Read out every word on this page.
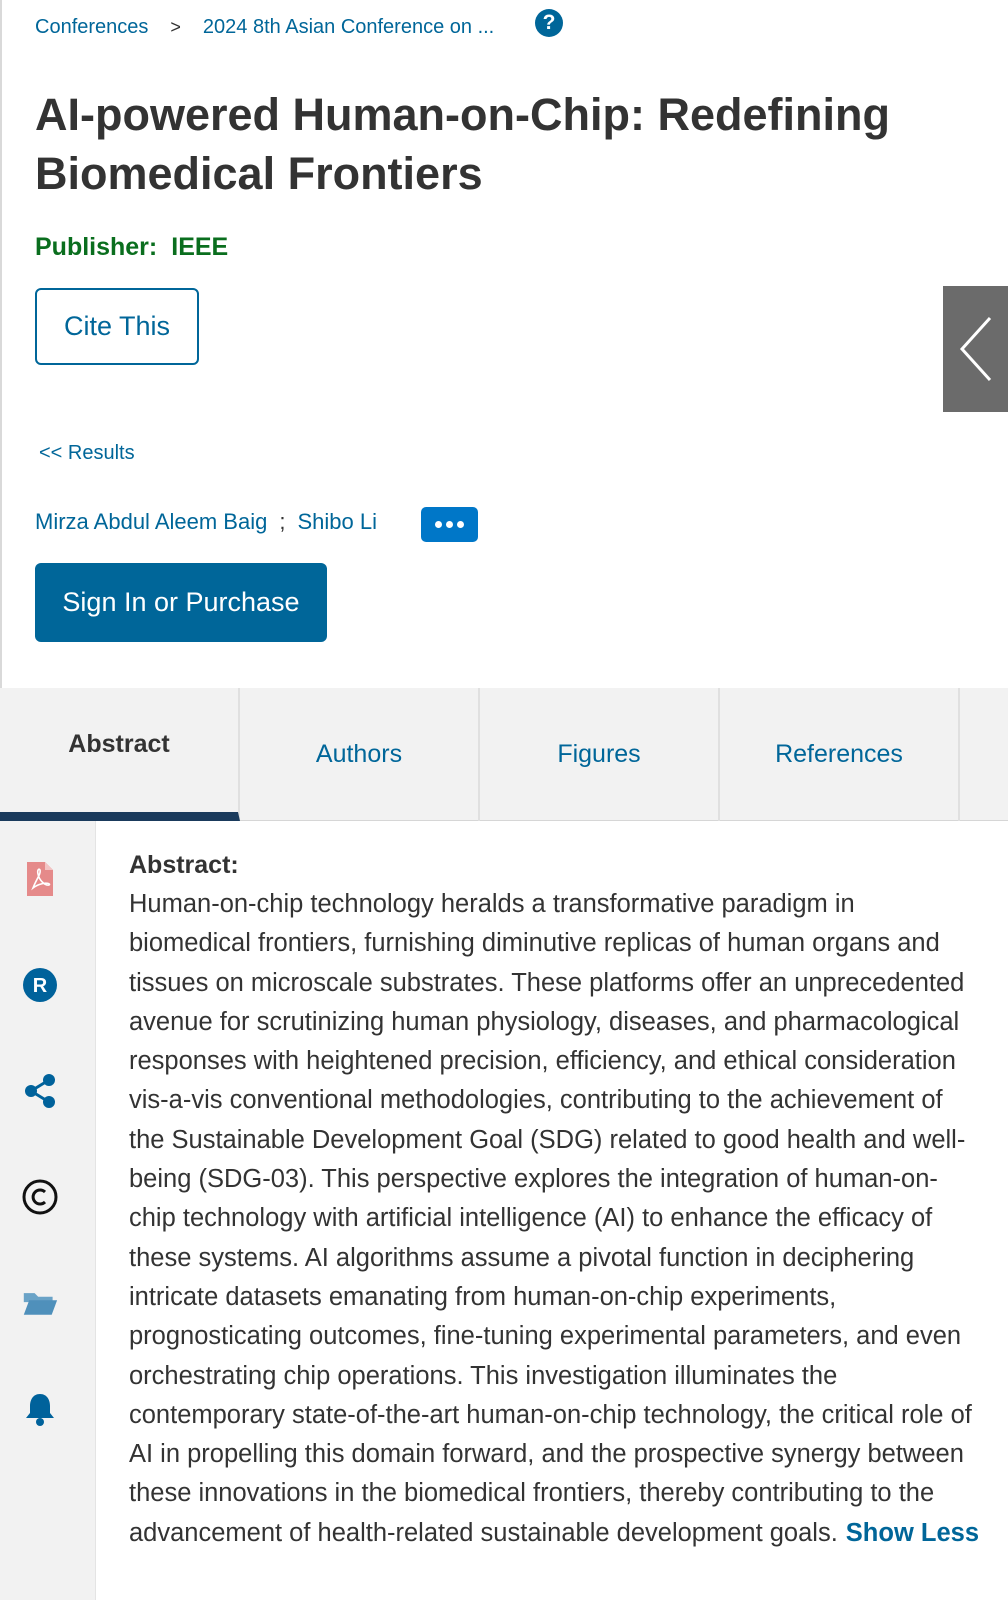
Conferences > 2024 8th Asian Conference on ...	?
AI-powered Human-on-Chip: Redefining Biomedical Frontiers
Publisher: IEEE
Cite This
<< Results
Mirza Abdul Aleem Baig ; Shibo Li
Sign In or Purchase
Abstract	Authors	Figures	References
R
Abstract:
Human-on-chip technology heralds a transformative paradigm in biomedical frontiers, furnishing diminutive replicas of human organs and tissues on microscale substrates. These platforms offer an unprecedented avenue for scrutinizing human physiology, diseases, and pharmacological responses with heightened precision, efficiency, and ethical consideration vis-a-vis conventional methodologies, contributing to the achievement of the Sustainable Development Goal (SDG) related to good health and well-being (SDG-03). This perspective explores the integration of human-on-chip technology with artificial intelligence (AI) to enhance the efficacy of these systems. AI algorithms assume a pivotal function in deciphering intricate datasets emanating from human-on-chip experiments, prognosticating outcomes, fine-tuning experimental parameters, and even orchestrating chip operations. This investigation illuminates the contemporary state-of-the-art human-on-chip technology, the critical role of AI in propelling this domain forward, and the prospective synergy between these innovations in the biomedical frontiers, thereby contributing to the advancement of health-related sustainable development goals. Show Less
